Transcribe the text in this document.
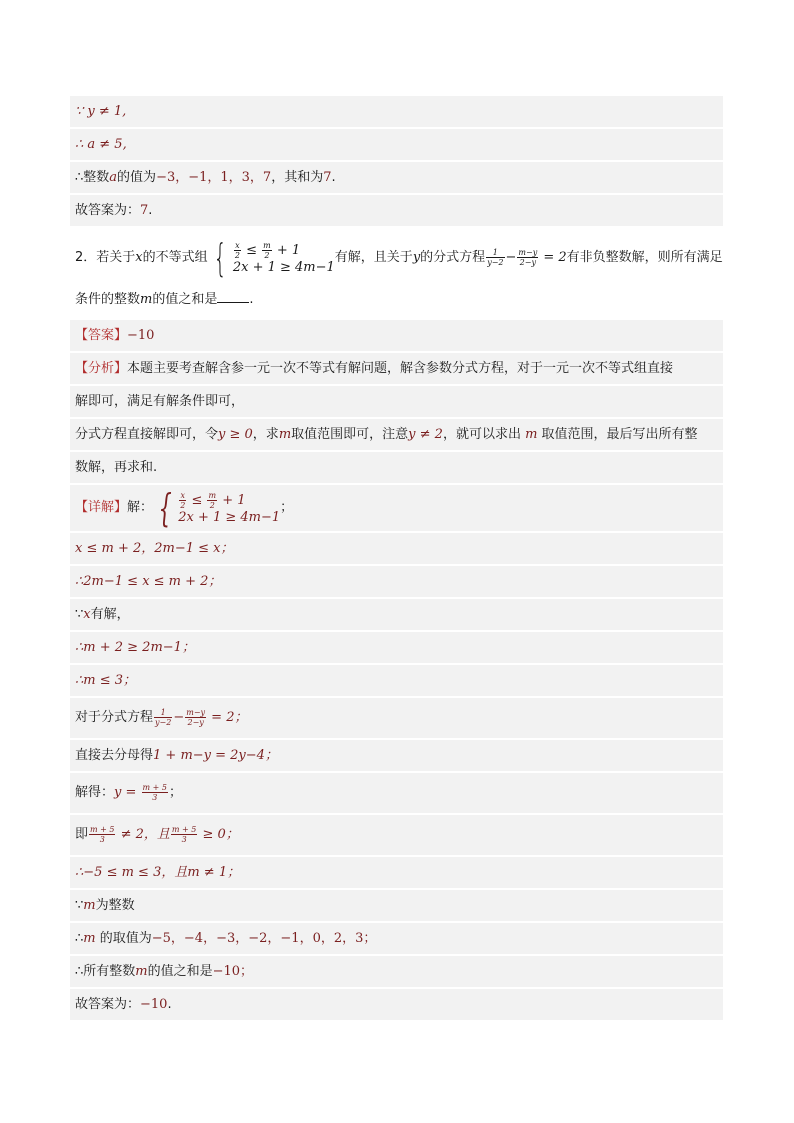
∵ y ≠ 1,
∴ a ≠ 5,
∴整数a的值为−3，−1，1，3，7，其和为7.
故答案为：7.
2． 若关于 x 的不等式组 { $\frac{x}{2} \le \frac{m}{2} + 1$
2x + 1 ≥ 4m−1
有解，且关于 y 的分式方程 $\frac{1}{y-2} - \frac{m-y}{2-y} = 2$ 有非负整数解，则所有满足
条件的整数m的值之和是 .
【答案】−10
【分析】本题主要考查解含参一元一次不等式有解问题，解含参数分式方程，对于一元一次不等式组直接
解即可，满足有解条件即可，
分式方程直接解即可，令y ≥ 0，求m取值范围即可，注意y ≠ 2，就可以求出 m 取值范围，最后写出所有整
数解，再求和.
【详解】 解： { $\frac{x}{2} \le \frac{m}{2} + 1$
2x + 1 ≥ 4m−1
；
x ≤ m + 2，2m−1 ≤ x；
∴2m−1 ≤ x ≤ m + 2；
∵x有解，
∴m + 2 ≥ 2m−1；
∴m ≤ 3；
对于分式方程 $\frac{1}{y-2} - \frac{m-y}{2-y} = 2$；
直接去分母得1 + m−y = 2y−4；
解得：$y = \frac{m + 5}{3}$ ；
即 $\frac{m + 5}{3} \ne 2$，且 $\frac{m + 5}{3} \ge 0$；
∴−5 ≤ m ≤ 3，且m ≠ 1；
∵m为整数
∴m 的取值为−5，−4，−3，−2，−1，0，2，3；
∴所有整数m的值之和是−10；
故答案为：−10.
